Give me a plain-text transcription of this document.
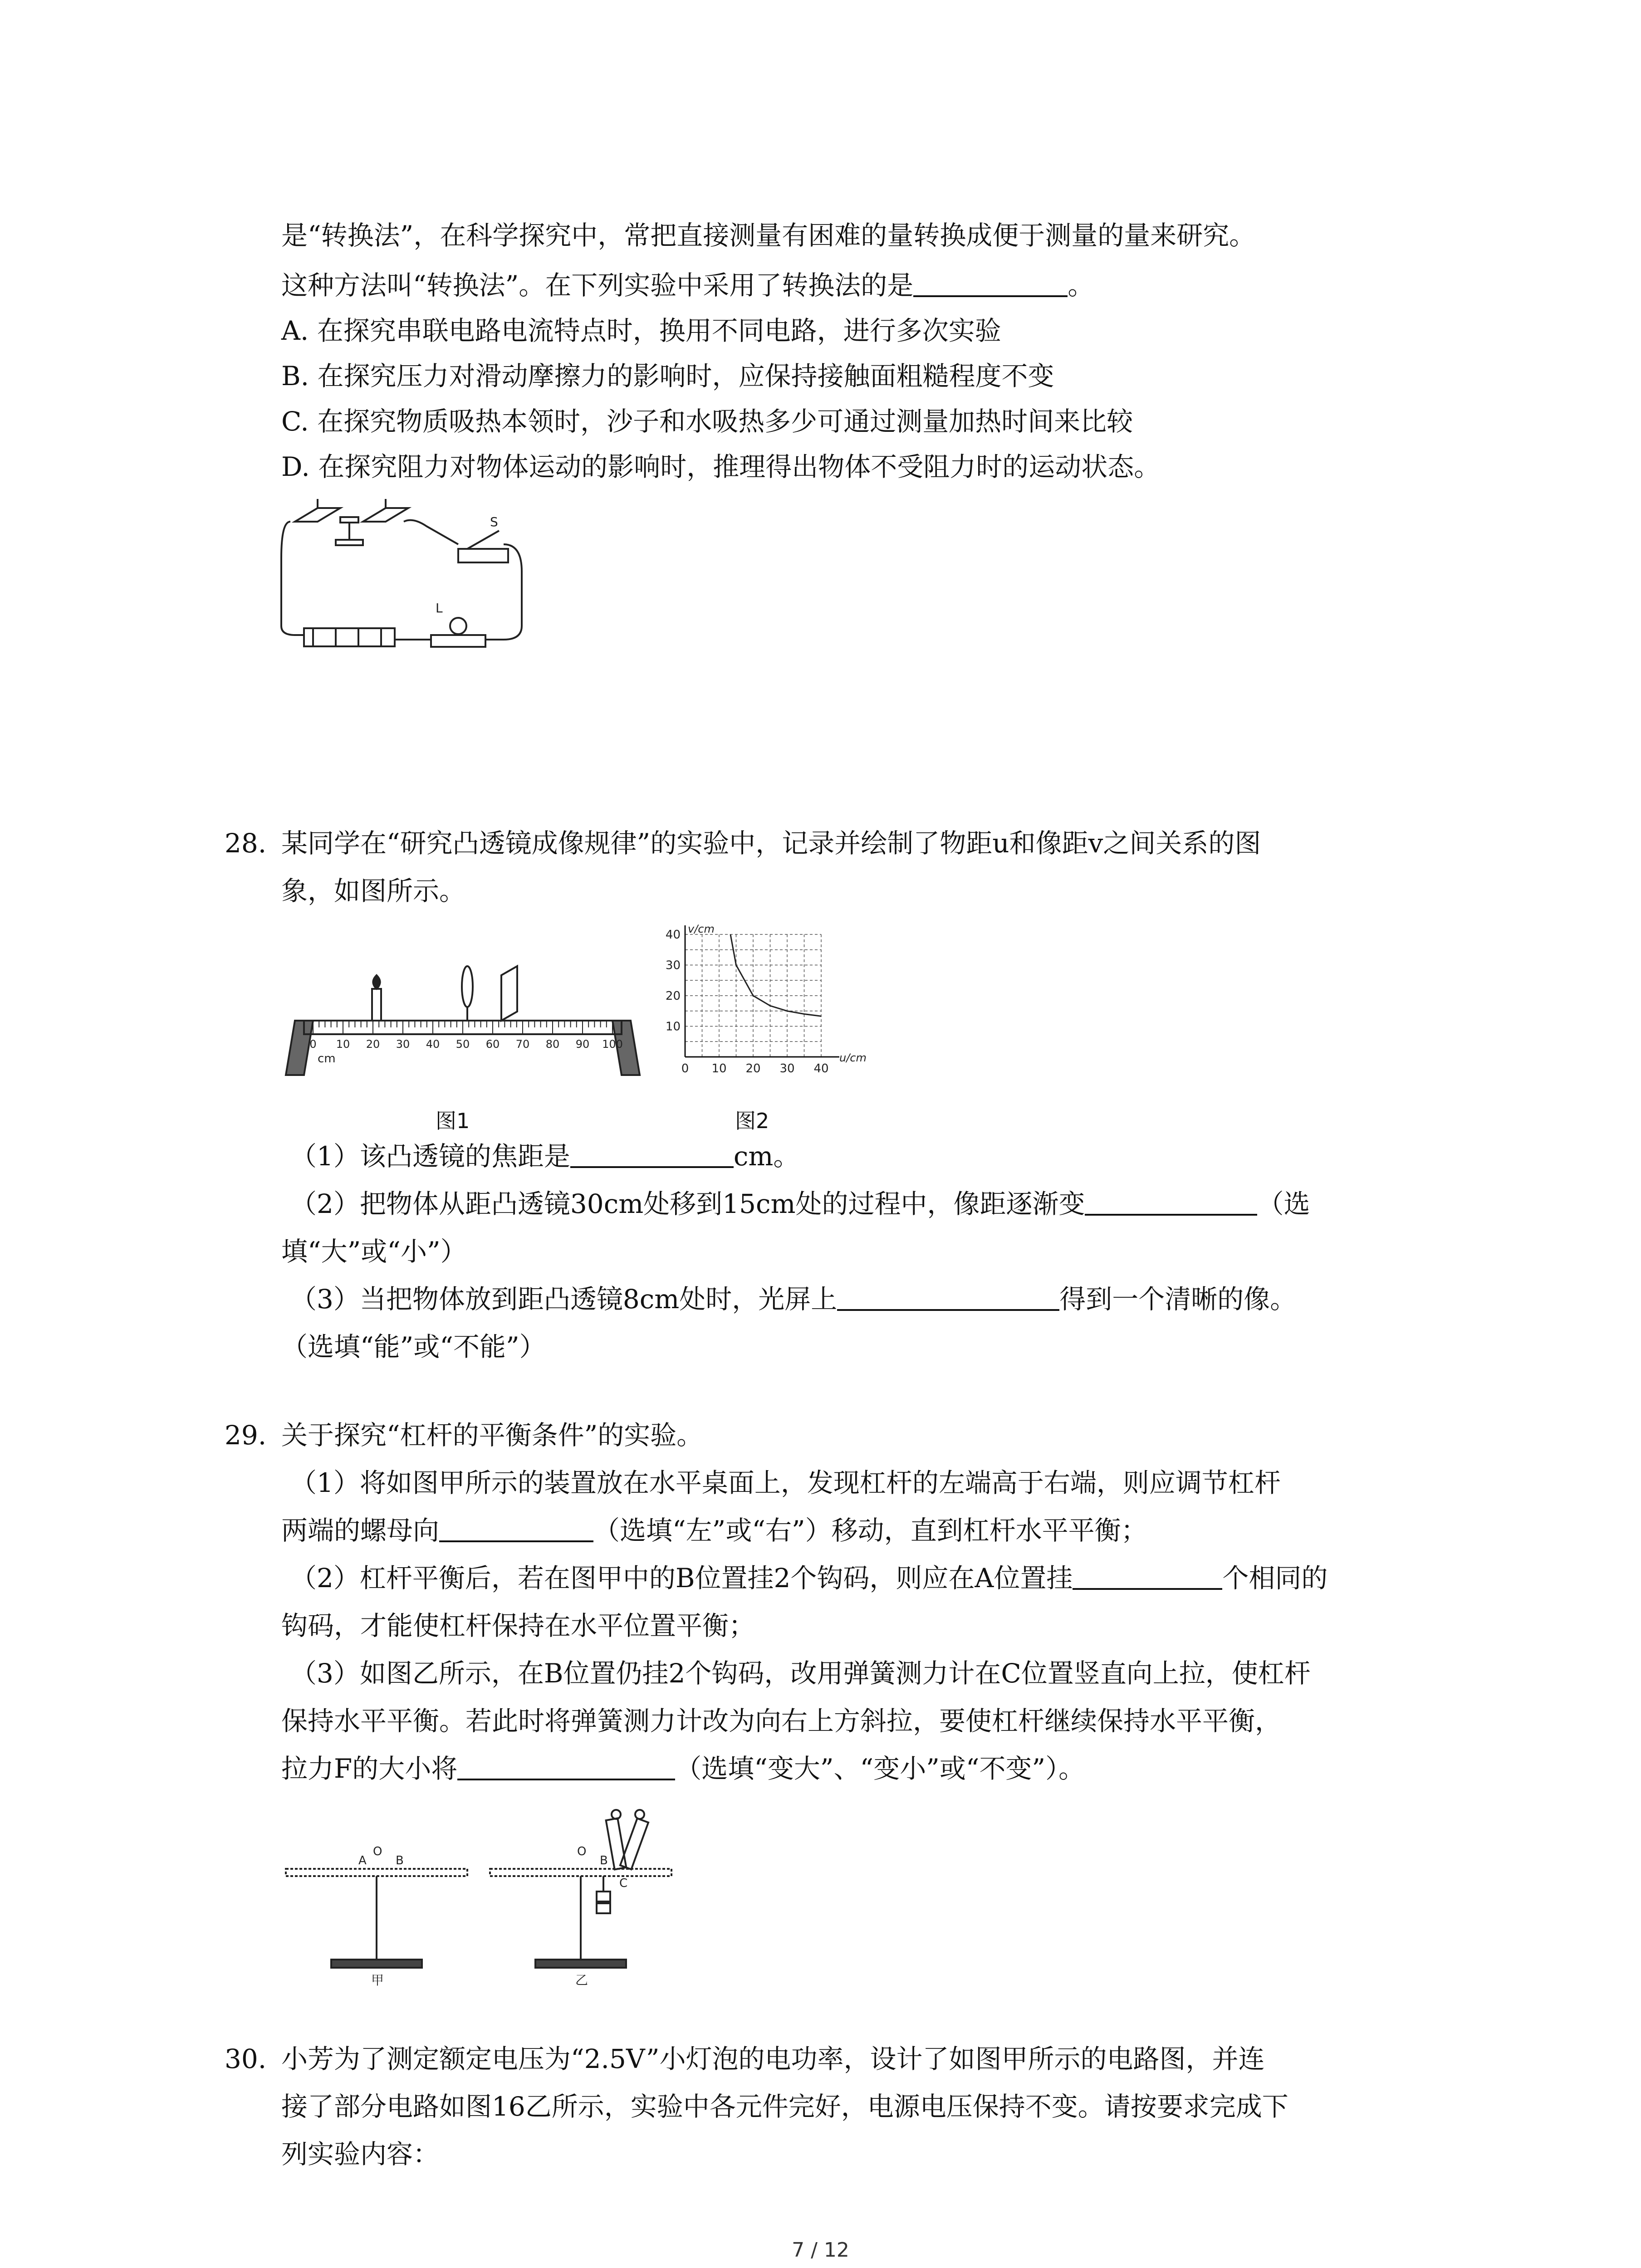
是“转换法”，在科学探究中，常把直接测量有困难的量转换成便于测量的量来研究。
这种方法叫“转换法”。在下列实验中采用了转换法的是	。
A. 在探究串联电路电流特点时，换用不同电路，进行多次实验
B. 在探究压力对滑动摩擦力的影响时，应保持接触面粗糙程度不变
C. 在探究物质吸热本领时，沙子和水吸热多少可通过测量加热时间来比较
D. 在探究阻力对物体运动的影响时，推理得出物体不受阻力时的运动状态。
S
L
28. 某同学在“研究凸透镜成像规律”的实验中，记录并绘制了物距u和像距v之间关系的图
象，如图所示。
0 10 20 30 40 50 60 70 80 90 100
cm
图1
40
30
20
10
0 10 20 30 40
v/cm
u/cm
图2
（1）该凸透镜的焦距是	cm。
（2）把物体从距凸透镜30cm处移到15cm处的过程中，像距逐渐变	（选
填“大”或“小”）
（3）当把物体放到距凸透镜8cm处时，光屏上	得到一个清晰的像。
（选填“能”或“不能”）
29. 关于探究“杠杆的平衡条件”的实验。
（1）将如图甲所示的装置放在水平桌面上，发现杠杆的左端高于右端，则应调节杠杆
两端的螺母向	（选填“左”或“右”）移动，直到杠杆水平平衡；
（2）杠杆平衡后，若在图甲中的B位置挂2个钩码，则应在A位置挂	个相同的
钩码，才能使杠杆保持在水平位置平衡；
（3）如图乙所示，在B位置仍挂2个钩码，改用弹簧测力计在C位置竖直向上拉，使杠杆
保持水平平衡。若此时将弹簧测力计改为向右上方斜拉，要使杠杆继续保持水平平衡，
拉力F的大小将	（选填“变大”、“变小”或“不变”）。
A
O
B
O
B
C
甲	乙
30. 小芳为了测定额定电压为“2.5V”小灯泡的电功率，设计了如图甲所示的电路图，并连
接了部分电路如图16乙所示，实验中各元件完好，电源电压保持不变。请按要求完成下
列实验内容：
7 / 12
